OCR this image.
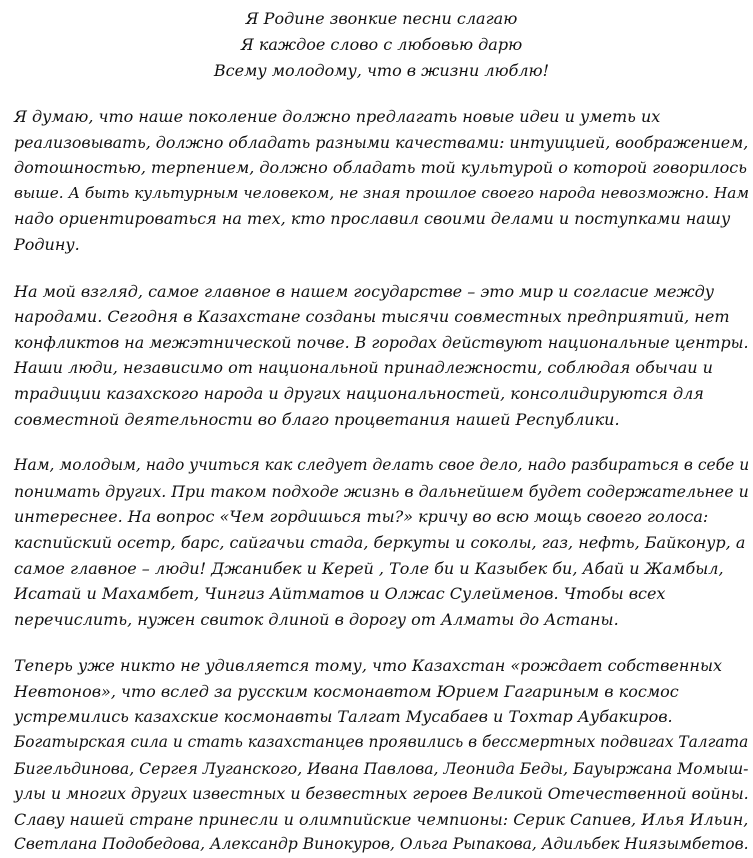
Я Родине звонкие песни слагаю
Я каждое слово с любовью дарю
Всему молодому, что в жизни люблю!

Я думаю, что наше поколение должно предлагать новые идеи и уметь их
реализовывать, должно обладать разными качествами: интуицией, воображением,
дотошностью, терпением, должно обладать той культурой о которой говорилось
выше. А быть культурным человеком, не зная прошлое своего народа невозможно. Нам
надо ориентироваться на тех, кто прославил своими делами и поступками нашу
Родину.

На мой взгляд, самое главное в нашем государстве – это мир и согласие между
народами. Сегодня в Казахстане созданы тысячи совместных предприятий, нет
конфликтов на межэтнической почве. В городах действуют национальные центры.
Наши люди, независимо от национальной принадлежности, соблюдая обычаи и
традиции казахского народа и других национальностей, консолидируются для
совместной деятельности во благо процветания нашей Республики.

Нам, молодым, надо учиться как следует делать свое дело, надо разбираться в себе и
понимать других. При таком подходе жизнь в дальнейшем будет содержательнее и
интереснее. На вопрос «Чем гордишься ты?» кричу во всю мощь своего голоса:
каспийский осетр, барс, сайгачьи стада, беркуты и соколы, газ, нефть, Байконур, а
самое главное – люди! Джанибек и Керей , Толе би и Казыбек би, Абай и Жамбыл,
Исатай и Махамбет, Чингиз Айтматов и Олжас Сулейменов. Чтобы всех
перечислить, нужен свиток длиной в дорогу от Алматы до Астаны.

Теперь уже никто не удивляется тому, что Казахстан «рождает собственных
Невтонов», что вслед за русским космонавтом Юрием Гагариным в космос
устремились казахские космонавты Талгат Мусабаев и Тохтар Аубакиров.
Богатырская сила и стать казахстанцев проявились в бессмертных подвигах Талгата
Бигельдинова, Сергея Луганского, Ивана Павлова, Леонида Беды, Бауыржана Момыш-
улы и многих других известных и безвестных героев Великой Отечественной войны.
Славу нашей стране принесли и олимпийские чемпионы: Серик Сапиев, Илья Ильин,
Светлана Подобедова, Александр Винокуров, Ольга Рыпакова, Адильбек Ниязымбетов.
